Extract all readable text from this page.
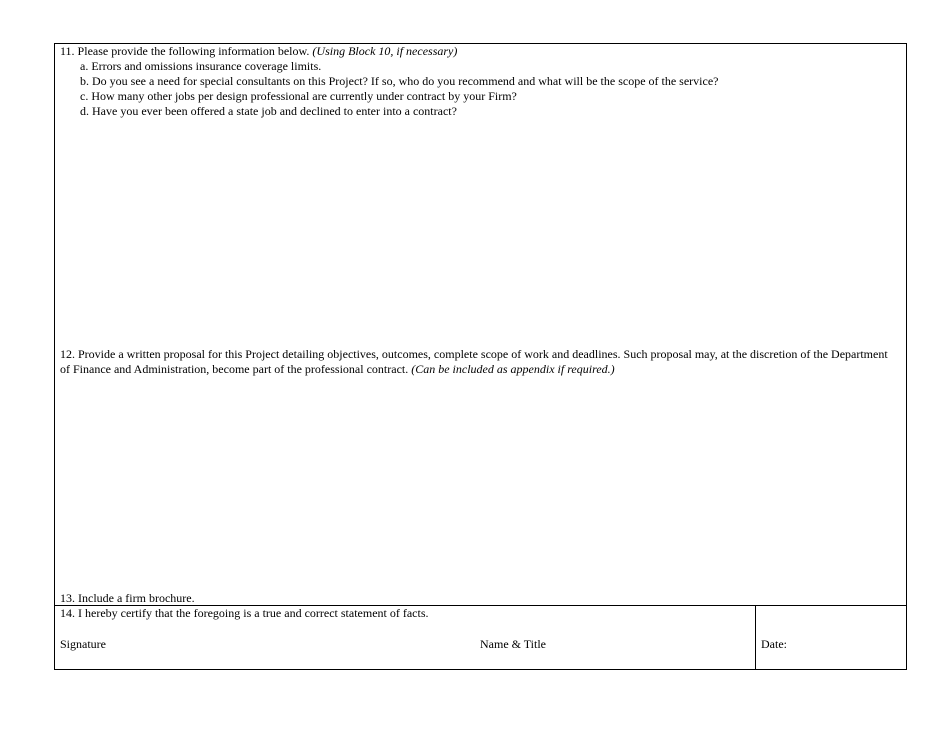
11. Please provide the following information below. (Using Block 10, if necessary)
a. Errors and omissions insurance coverage limits.
b. Do you see a need for special consultants on this Project? If so, who do you recommend and what will be the scope of the service?
c. How many other jobs per design professional are currently under contract by your Firm?
d. Have you ever been offered a state job and declined to enter into a contract?
12. Provide a written proposal for this Project detailing objectives, outcomes, complete scope of work and deadlines. Such proposal may, at the discretion of the Department of Finance and Administration, become part of the professional contract. (Can be included as appendix if required.)
13. Include a firm brochure.
14. I hereby certify that the foregoing is a true and correct statement of facts.
Signature	Name & Title	Date:
